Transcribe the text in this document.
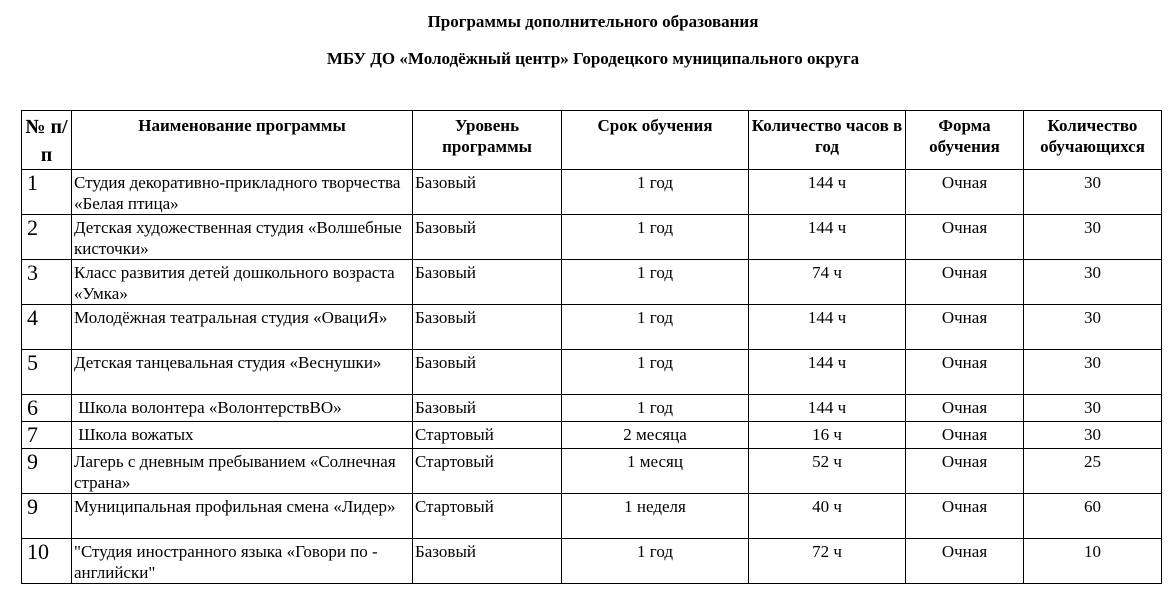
Программы дополнительного образования
МБУ ДО «Молодёжный центр» Городецкого муниципального округа
№ п/п	Наименование программы	Уровень программы	Срок обучения	Количество часов в год	Форма обучения	Количество обучающихся
1	Студия декоративно-прикладного творчества «Белая птица»	Базовый	1 год	144 ч	Очная	30
2	Детская художественная студия «Волшебные кисточки»	Базовый	1 год	144 ч	Очная	30
3	Класс развития детей дошкольного возраста «Умка»	Базовый	1 год	74 ч	Очная	30
4	Молодёжная театральная студия «ОвациЯ»	Базовый	1 год	144 ч	Очная	30
5	Детская танцевальная студия «Веснушки»	Базовый	1 год	144 ч	Очная	30
6	Школа волонтера «ВолонтерствВО»	Базовый	1 год	144 ч	Очная	30
7	Школа вожатых	Стартовый	2 месяца	16 ч	Очная	30
9	Лагерь с дневным пребыванием «Солнечная страна»	Стартовый	1 месяц	52 ч	Очная	25
9	Муниципальная профильная смена «Лидер»	Стартовый	1 неделя	40 ч	Очная	60
10	"Студия иностранного языка «Говори по - английски"	Базовый	1 год	72 ч	Очная	10
